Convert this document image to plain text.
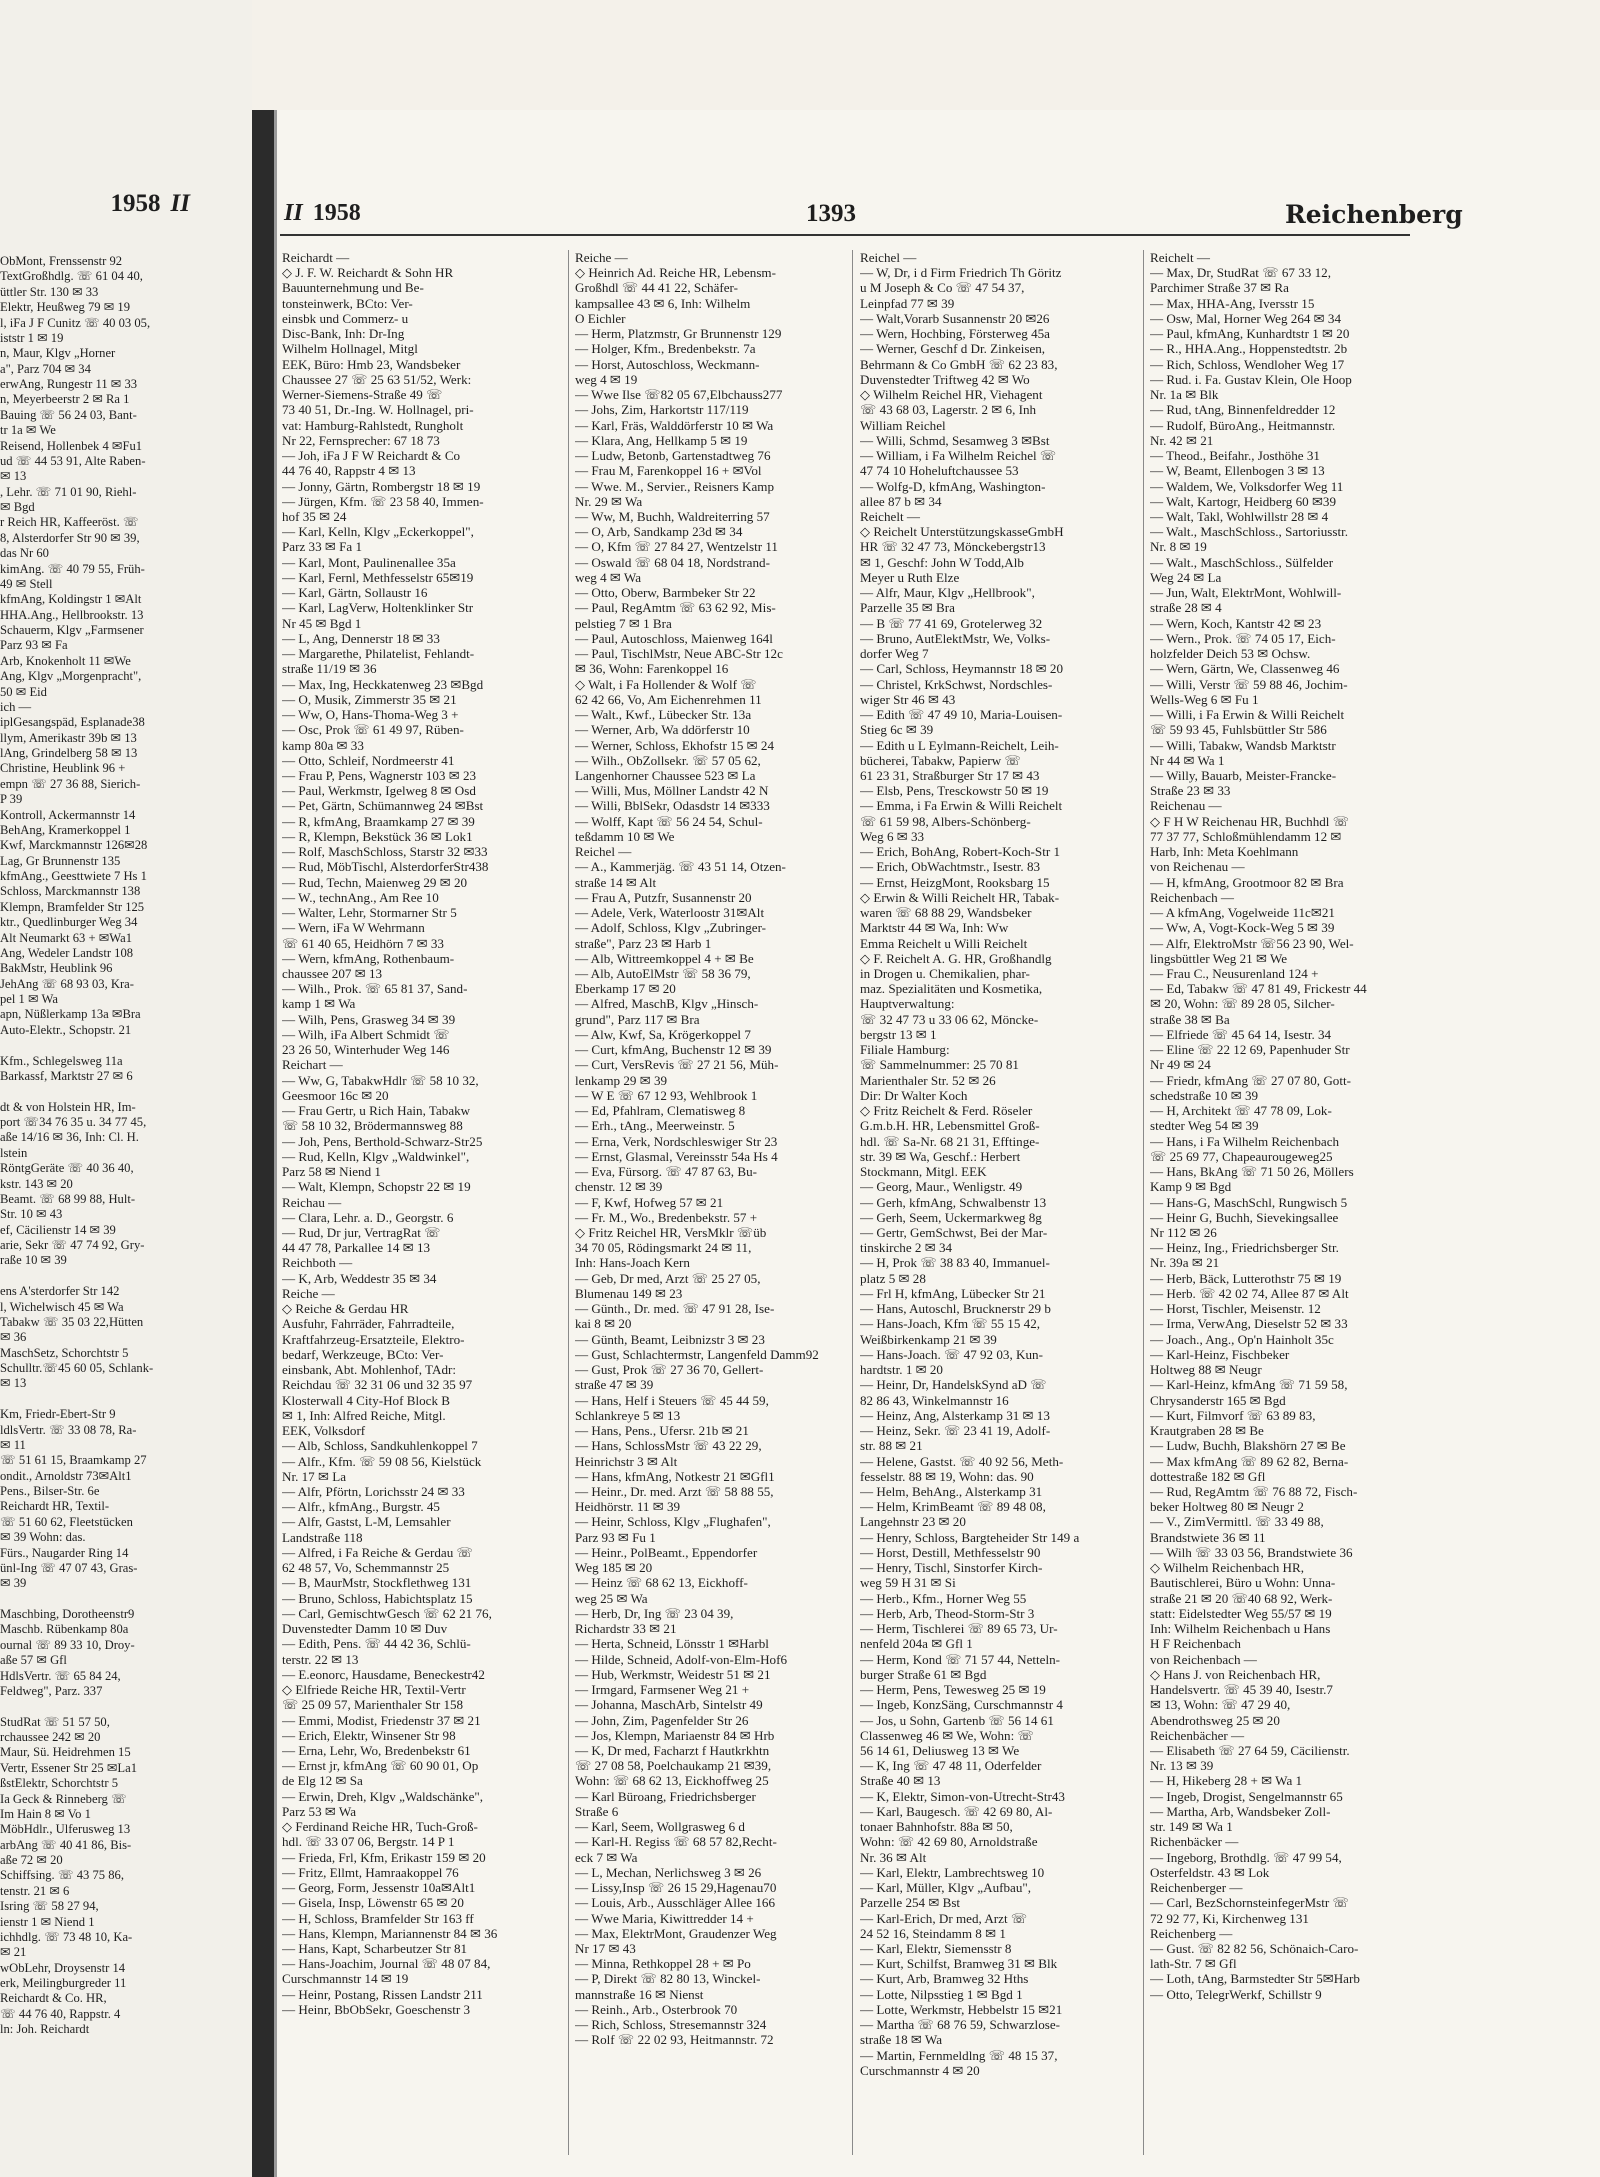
1958 II
ObMont, Frenssenstr 92
TextGroßhdlg. ☏ 61 04 40,
üttler Str. 130 ✉ 33
Elektr, Heußweg 79 ✉ 19
l, iFa J F Cunitz ☏ 40 03 05,
iststr 1 ✉ 19
n, Maur, Klgv „Horner
a", Parz 704 ✉ 34
erwAng, Rungestr 11 ✉ 33
n, Meyerbeerstr 2 ✉ Ra 1
Bauing ☏ 56 24 03, Bant-
tr 1a ✉ We
Reisend, Hollenbek 4 ✉Fu1
ud ☏ 44 53 91, Alte Raben-
✉ 13
, Lehr. ☏ 71 01 90, Riehl-
✉ Bgd
r Reich HR, Kaffeeröst. ☏
8, Alsterdorfer Str 90 ✉ 39,
das Nr 60
kimAng. ☏ 40 79 55, Früh-
49 ✉ Stell
kfmAng, Koldingstr 1 ✉Alt
HHA.Ang., Hellbrookstr. 13
Schauerm, Klgv „Farmsener
Parz 93 ✉ Fa
Arb, Knokenholt 11 ✉We
Ang, Klgv „Morgenpracht",
50 ✉ Eid
ich —
iplGesangspäd, Esplanade38
llym, Amerikastr 39b ✉ 13
lAng, Grindelberg 58 ✉ 13
Christine, Heublink 96 +
empn ☏ 27 36 88, Sierich-
P 39
Kontroll, Ackermannstr 14
BehAng, Kramerkoppel 1
Kwf, Marckmannstr 126✉28
Lag, Gr Brunnenstr 135
kfmAng., Geesttwiete 7 Hs 1
Schloss, Marckmannstr 138
Klempn, Bramfelder Str 125
ktr., Quedlinburger Weg 34
Alt Neumarkt 63 + ✉Wa1
Ang, Wedeler Landstr 108
BakMstr, Heublink 96
JehAng ☏ 68 93 03, Kra-
pel 1 ✉ Wa
apn, Nüßlerkamp 13a ✉Bra
Auto-Elektr., Schopstr. 21
Kfm., Schlegelsweg 11a
Barkassf, Marktstr 27 ✉ 6
dt & von Holstein HR, Im-
port ☏34 76 35 u. 34 77 45,
aße 14/16 ✉ 36, Inh: Cl. H.
lstein
RöntgGeräte ☏ 40 36 40,
kstr. 143 ✉ 20
Beamt. ☏ 68 99 88, Hult-
Str. 10 ✉ 43
ef, Cäcilienstr 14 ✉ 39
arie, Sekr ☏ 47 74 92, Gry-
raße 10 ✉ 39
ens A'sterdorfer Str 142
l, Wichelwisch 45 ✉ Wa
Tabakw ☏ 35 03 22,Hütten
✉ 36
MaschSetz, Schorchtstr 5
Schulltr.☏45 60 05, Schlank-
✉ 13
Km, Friedr-Ebert-Str 9
ldlsVertr. ☏ 33 08 78, Ra-
✉ 11
☏ 51 61 15, Braamkamp 27
ondit., Arnoldstr 73✉Alt1
Pens., Bilser-Str. 6e
Reichardt HR, Textil-
☏ 51 60 62, Fleetstücken
✉ 39 Wohn: das.
Fürs., Naugarder Ring 14
ünl-Ing ☏ 47 07 43, Gras-
✉ 39
Maschbing, Dorotheenstr9
Maschb. Rübenkamp 80a
ournal ☏ 89 33 10, Droy-
aße 57 ✉ Gfl
HdlsVertr. ☏ 65 84 24,
Feldweg", Parz. 337
StudRat ☏ 51 57 50,
rchaussee 242 ✉ 20
Maur, Sü. Heidrehmen 15
Vertr, Essener Str 25 ✉La1
ßstElektr, Schorchtstr 5
Ia Geck & Rinneberg ☏
Im Hain 8 ✉ Vo 1
MöbHdlr., Ulferusweg 13
arbAng ☏ 40 41 86, Bis-
aße 72 ✉ 20
Schiffsing. ☏ 43 75 86,
tenstr. 21 ✉ 6
Isring ☏ 58 27 94,
ienstr 1 ✉ Niend 1
ichhdlg. ☏ 73 48 10, Ka-
✉ 21
wObLehr, Droysenstr 14
erk, Meilingburgreder 11
Reichardt & Co. HR,
☏ 44 76 40, Rappstr. 4
ln: Joh. Reichardt
II 1958	1393	Reichenberg
Reichardt —
◇ J. F. W. Reichardt & Sohn HR
Bauunternehmung und Be-
tonsteinwerk, BCto: Ver-
einsbk und Commerz- u
Disc-Bank, Inh: Dr-Ing
Wilhelm Hollnagel, Mitgl
EEK, Büro: Hmb 23, Wandsbeker
Chaussee 27 ☏ 25 63 51/52, Werk:
Werner-Siemens-Straße 49 ☏
73 40 51, Dr.-Ing. W. Hollnagel, pri-
vat: Hamburg-Rahlstedt, Rungholt
Nr 22, Fernsprecher: 67 18 73
— Joh, iFa J F W Reichardt & Co
44 76 40, Rappstr 4 ✉ 13
— Jonny, Gärtn, Rombergstr 18 ✉ 19
— Jürgen, Kfm. ☏ 23 58 40, Immen-
hof 35 ✉ 24
— Karl, Kelln, Klgv „Eckerkoppel",
Parz 33 ✉ Fa 1
— Karl, Mont, Paulinenallee 35a
— Karl, Fernl, Methfesselstr 65✉19
— Karl, Gärtn, Sollaustr 16
— Karl, LagVerw, Holtenklinker Str
Nr 45 ✉ Bgd 1
— L, Ang, Dennerstr 18 ✉ 33
— Margarethe, Philatelist, Fehlandt-
straße 11/19 ✉ 36
— Max, Ing, Heckkatenweg 23 ✉Bgd
— O, Musik, Zimmerstr 35 ✉ 21
— Ww, O, Hans-Thoma-Weg 3 +
— Osc, Prok ☏ 61 49 97, Rüben-
kamp 80a ✉ 33
— Otto, Schleif, Nordmeerstr 41
— Frau P, Pens, Wagnerstr 103 ✉ 23
— Paul, Werkmstr, Igelweg 8 ✉ Osd
— Pet, Gärtn, Schümannweg 24 ✉Bst
— R, kfmAng, Braamkamp 27 ✉ 39
— R, Klempn, Bekstück 36 ✉ Lok1
— Rolf, MaschSchloss, Starstr 32 ✉33
— Rud, MöbTischl, AlsterdorferStr438
— Rud, Techn, Maienweg 29 ✉ 20
— W., technAng., Am Ree 10
— Walter, Lehr, Stormarner Str 5
— Wern, iFa W Wehrmann
☏ 61 40 65, Heidhörn 7 ✉ 33
— Wern, kfmAng, Rothenbaum-
chaussee 207 ✉ 13
— Wilh., Prok. ☏ 65 81 37, Sand-
kamp 1 ✉ Wa
— Wilh, Pens, Grasweg 34 ✉ 39
— Wilh, iFa Albert Schmidt ☏
23 26 50, Winterhuder Weg 146
Reichart —
— Ww, G, TabakwHdlr ☏ 58 10 32,
Geesmoor 16c ✉ 20
— Frau Gertr, u Rich Hain, Tabakw
☏ 58 10 32, Brödermannsweg 88
— Joh, Pens, Berthold-Schwarz-Str25
— Rud, Kelln, Klgv „Waldwinkel",
Parz 58 ✉ Niend 1
— Walt, Klempn, Schopstr 22 ✉ 19
Reichau —
— Clara, Lehr. a. D., Georgstr. 6
— Rud, Dr jur, VertragRat ☏
44 47 78, Parkallee 14 ✉ 13
Reichboth —
— K, Arb, Weddestr 35 ✉ 34
Reiche —
◇ Reiche & Gerdau HR
Ausfuhr, Fahrräder, Fahrradteile,
Kraftfahrzeug-Ersatzteile, Elektro-
bedarf, Werkzeuge, BCto: Ver-
einsbank, Abt. Mohlenhof, TAdr:
Reichdau ☏ 32 31 06 und 32 35 97
Klosterwall 4 City-Hof Block B
✉ 1, Inh: Alfred Reiche, Mitgl.
EEK, Volksdorf
— Alb, Schloss, Sandkuhlenkoppel 7
— Alfr., Kfm. ☏ 59 08 56, Kielstück
Nr. 17 ✉ La
— Alfr, Pförtn, Lorichsstr 24 ✉ 33
— Alfr., kfmAng., Burgstr. 45
— Alfr, Gastst, L-M, Lemsahler
Landstraße 118
— Alfred, i Fa Reiche & Gerdau ☏
62 48 57, Vo, Schemmannstr 25
— B, MaurMstr, Stockflethweg 131
— Bruno, Schloss, Habichtsplatz 15
— Carl, GemischtwGesch ☏ 62 21 76,
Duvenstedter Damm 10 ✉ Duv
— Edith, Pens. ☏ 44 42 36, Schlü-
terstr. 22 ✉ 13
— E.eonorc, Hausdame, Beneckestr42
◇ Elfriede Reiche HR, Textil-Vertr
☏ 25 09 57, Marienthaler Str 158
— Emmi, Modist, Friedenstr 37 ✉ 21
— Erich, Elektr, Winsener Str 98
— Erna, Lehr, Wo, Bredenbekstr 61
— Ernst jr, kfmAng ☏ 60 90 01, Op
de Elg 12 ✉ Sa
— Erwin, Dreh, Klgv „Waldschänke",
Parz 53 ✉ Wa
◇ Ferdinand Reiche HR, Tuch-Groß-
hdl. ☏ 33 07 06, Bergstr. 14 P 1
— Frieda, Frl, Kfm, Erikastr 159 ✉ 20
— Fritz, Ellmt, Hamraakoppel 76
— Georg, Form, Jessenstr 10a✉Alt1
— Gisela, Insp, Löwenstr 65 ✉ 20
— H, Schloss, Bramfelder Str 163 ff
— Hans, Klempn, Mariannenstr 84 ✉ 36
— Hans, Kapt, Scharbeutzer Str 81
— Hans-Joachim, Journal ☏ 48 07 84,
Curschmannstr 14 ✉ 19
— Heinr, Postang, Rissen Landstr 211
— Heinr, BbObSekr, Goeschenstr 3
Reiche —
◇ Heinrich Ad. Reiche HR, Lebensm-
Großhdl ☏ 44 41 22, Schäfer-
kampsallee 43 ✉ 6, Inh: Wilhelm
O Eichler
— Herm, Platzmstr, Gr Brunnenstr 129
— Holger, Kfm., Bredenbekstr. 7a
— Horst, Autoschloss, Weckmann-
weg 4 ✉ 19
— Wwe Ilse ☏82 05 67,Elbchauss277
— Johs, Zim, Harkortstr 117/119
— Karl, Fräs, Walddörferstr 10 ✉ Wa
— Klara, Ang, Hellkamp 5 ✉ 19
— Ludw, Betonb, Gartenstadtweg 76
— Frau M, Farenkoppel 16 + ✉Vol
— Wwe. M., Servier., Reisners Kamp
Nr. 29 ✉ Wa
— Ww, M, Buchh, Waldreiterring 57
— O, Arb, Sandkamp 23d ✉ 34
— O, Kfm ☏ 27 84 27, Wentzelstr 11
— Oswald ☏ 68 04 18, Nordstrand-
weg 4 ✉ Wa
— Otto, Oberw, Barmbeker Str 22
— Paul, RegAmtm ☏ 63 62 92, Mis-
pelstieg 7 ✉ 1 Bra
— Paul, Autoschloss, Maienweg 164l
— Paul, TischlMstr, Neue ABC-Str 12c
✉ 36, Wohn: Farenkoppel 16
◇ Walt, i Fa Hollender & Wolf ☏
62 42 66, Vo, Am Eichenrehmen 11
— Walt., Kwf., Lübecker Str. 13a
— Werner, Arb, Wa ddörferstr 10
— Werner, Schloss, Ekhofstr 15 ✉ 24
— Wilh., ObZollsekr. ☏ 57 05 62,
Langenhorner Chaussee 523 ✉ La
— Willi, Mus, Möllner Landstr 42 N
— Willi, BblSekr, Odasdstr 14 ✉333
— Wolff, Kapt ☏ 56 24 54, Schul-
teßdamm 10 ✉ We
Reichel —
— A., Kammerjäg. ☏ 43 51 14, Otzen-
straße 14 ✉ Alt
— Frau A, Putzfr, Susannenstr 20
— Adele, Verk, Waterloostr 31✉Alt
— Adolf, Schloss, Klgv „Zubringer-
straße", Parz 23 ✉ Harb 1
— Alb, Wittreemkoppel 4 + ✉ Be
— Alb, AutoElMstr ☏ 58 36 79,
Eberkamp 17 ✉ 20
— Alfred, MaschB, Klgv „Hinsch-
grund", Parz 117 ✉ Bra
— Alw, Kwf, Sa, Krögerkoppel 7
— Curt, kfmAng, Buchenstr 12 ✉ 39
— Curt, VersRevis ☏ 27 21 56, Müh-
lenkamp 29 ✉ 39
— W E ☏ 67 12 93, Wehlbrook 1
— Ed, Pfahlram, Clematisweg 8
— Erh., tAng., Meerweinstr. 5
— Erna, Verk, Nordschleswiger Str 23
— Ernst, Glasmal, Vereinsstr 54a Hs 4
— Eva, Fürsorg. ☏ 47 87 63, Bu-
chenstr. 12 ✉ 39
— F, Kwf, Hofweg 57 ✉ 21
— Fr. M., Wo., Bredenbekstr. 57 +
◇ Fritz Reichel HR, VersMklr ☏üb
34 70 05, Rödingsmarkt 24 ✉ 11,
Inh: Hans-Joach Kern
— Geb, Dr med, Arzt ☏ 25 27 05,
Blumenau 149 ✉ 23
— Günth., Dr. med. ☏ 47 91 28, Ise-
kai 8 ✉ 20
— Günth, Beamt, Leibnizstr 3 ✉ 23
— Gust, Schlachtermstr, Langenfeld Damm92
— Gust, Prok ☏ 27 36 70, Gellert-
straße 47 ✉ 39
— Hans, Helf i Steuers ☏ 45 44 59,
Schlankreye 5 ✉ 13
— Hans, Pens., Ufersr. 21b ✉ 21
— Hans, SchlossMstr ☏ 43 22 29,
Heinrichstr 3 ✉ Alt
— Hans, kfmAng, Notkestr 21 ✉Gfl1
— Heinr., Dr. med. Arzt ☏ 58 88 55,
Heidhörstr. 11 ✉ 39
— Heinr, Schloss, Klgv „Flughafen",
Parz 93 ✉ Fu 1
— Heinr., PolBeamt., Eppendorfer
Weg 185 ✉ 20
— Heinz ☏ 68 62 13, Eickhoff-
weg 25 ✉ Wa
— Herb, Dr, Ing ☏ 23 04 39,
Richardstr 33 ✉ 21
— Herta, Schneid, Lönsstr 1 ✉Harbl
— Hilde, Schneid, Adolf-von-Elm-Hof6
— Hub, Werkmstr, Weidestr 51 ✉ 21
— Irmgard, Farmsener Weg 21 +
— Johanna, MaschArb, Sintelstr 49
— John, Zim, Pagenfelder Str 26
— Jos, Klempn, Mariaenstr 84 ✉ Hrb
— K, Dr med, Facharzt f Hautkrkhtn
☏ 27 08 58, Poelchaukamp 21 ✉39,
Wohn: ☏ 68 62 13, Eickhoffweg 25
— Karl Büroang, Friedrichsberger
Straße 6
— Karl, Seem, Wollgrasweg 6 d
— Karl-H. Regiss ☏ 68 57 82,Recht-
eck 7 ✉ Wa
— L, Mechan, Nerlichsweg 3 ✉ 26
— Lissy,Insp ☏ 26 15 29,Hagenau70
— Louis, Arb., Ausschläger Allee 166
— Wwe Maria, Kiwittredder 14 +
— Max, ElektrMont, Graudenzer Weg
Nr 17 ✉ 43
— Minna, Rethkoppel 28 + ✉ Po
— P, Direkt ☏ 82 80 13, Winckel-
mannstraße 16 ✉ Nienst
— Reinh., Arb., Osterbrook 70
— Rich, Schloss, Stresemannstr 324
— Rolf ☏ 22 02 93, Heitmannstr. 72
Reichel —
— W, Dr, i d Firm Friedrich Th Göritz
u M Joseph & Co ☏ 47 54 37,
Leinpfad 77 ✉ 39
— Walt,Vorarb Susannenstr 20 ✉26
— Wern, Hochbing, Försterweg 45a
— Werner, Geschf d Dr. Zinkeisen,
Behrmann & Co GmbH ☏ 62 23 83,
Duvenstedter Triftweg 42 ✉ Wo
◇ Wilhelm Reichel HR, Viehagent
☏ 43 68 03, Lagerstr. 2 ✉ 6, Inh
William Reichel
— Willi, Schmd, Sesamweg 3 ✉Bst
— William, i Fa Wilhelm Reichel ☏
47 74 10 Hoheluftchaussee 53
— Wolfg-D, kfmAng, Washington-
allee 87 b ✉ 34
Reichelt —
◇ Reichelt UnterstützungskasseGmbH
HR ☏ 32 47 73, Mönckebergstr13
✉ 1, Geschf: John W Todd,Alb
Meyer u Ruth Elze
— Alfr, Maur, Klgv „Hellbrook",
Parzelle 35 ✉ Bra
— B ☏ 77 41 69, Grotelerweg 32
— Bruno, AutElektMstr, We, Volks-
dorfer Weg 7
— Carl, Schloss, Heymannstr 18 ✉ 20
— Christel, KrkSchwst, Nordschles-
wiger Str 46 ✉ 43
— Edith ☏ 47 49 10, Maria-Louisen-
Stieg 6c ✉ 39
— Edith u L Eylmann-Reichelt, Leih-
bücherei, Tabakw, Papierw ☏
61 23 31, Straßburger Str 17 ✉ 43
— Elsb, Pens, Tresckowstr 50 ✉ 19
— Emma, i Fa Erwin & Willi Reichelt
☏ 61 59 98, Albers-Schönberg-
Weg 6 ✉ 33
— Erich, BohAng, Robert-Koch-Str 1
— Erich, ObWachtmstr., Isestr. 83
— Ernst, HeizgMont, Rooksbarg 15
◇ Erwin & Willi Reichelt HR, Tabak-
waren ☏ 68 88 29, Wandsbeker
Marktstr 44 ✉ Wa, Inh: Ww
Emma Reichelt u Willi Reichelt
◇ F. Reichelt A. G. HR, Großhandlg
in Drogen u. Chemikalien, phar-
maz. Spezialitäten und Kosmetika,
Hauptverwaltung:
☏ 32 47 73 u 33 06 62, Möncke-
bergstr 13 ✉ 1
Filiale Hamburg:
☏ Sammelnummer: 25 70 81
Marienthaler Str. 52 ✉ 26
Dir: Dr Walter Koch
◇ Fritz Reichelt & Ferd. Röseler
G.m.b.H. HR, Lebensmittel Groß-
hdl. ☏ Sa-Nr. 68 21 31, Efftinge-
str. 39 ✉ Wa, Geschf.: Herbert
Stockmann, Mitgl. EEK
— Georg, Maur., Wenligstr. 49
— Gerh, kfmAng, Schwalbenstr 13
— Gerh, Seem, Uckermarkweg 8g
— Gertr, GemSchwst, Bei der Mar-
tinskirche 2 ✉ 34
— H, Prok ☏ 38 83 40, Immanuel-
platz 5 ✉ 28
— Frl H, kfmAng, Lübecker Str 21
— Hans, Autoschl, Brucknerstr 29 b
— Hans-Joach, Kfm ☏ 55 15 42,
Weißbirkenkamp 21 ✉ 39
— Hans-Joach. ☏ 47 92 03, Kun-
hardtstr. 1 ✉ 20
— Heinr, Dr, HandelskSynd aD ☏
82 86 43, Winkelmannstr 16
— Heinz, Ang, Alsterkamp 31 ✉ 13
— Heinz, Sekr. ☏ 23 41 19, Adolf-
str. 88 ✉ 21
— Helene, Gastst. ☏ 40 92 56, Meth-
fesselstr. 88 ✉ 19, Wohn: das. 90
— Helm, BehAng., Alsterkamp 31
— Helm, KrimBeamt ☏ 89 48 08,
Langehnstr 23 ✉ 20
— Henry, Schloss, Bargteheider Str 149 a
— Horst, Destill, Methfesselstr 90
— Henry, Tischl, Sinstorfer Kirch-
weg 59 H 31 ✉ Si
— Herb., Kfm., Horner Weg 55
— Herb, Arb, Theod-Storm-Str 3
— Herm, Tischlerei ☏ 89 65 73, Ur-
nenfeld 204a ✉ Gfl 1
— Herm, Kond ☏ 71 57 44, Netteln-
burger Straße 61 ✉ Bgd
— Herm, Pens, Tewesweg 25 ✉ 19
— Ingeb, KonzSäng, Curschmannstr 4
— Jos, u Sohn, Gartenb ☏ 56 14 61
Classenweg 46 ✉ We, Wohn: ☏
56 14 61, Deliusweg 13 ✉ We
— K, Ing ☏ 47 48 11, Oderfelder
Straße 40 ✉ 13
— K, Elektr, Simon-von-Utrecht-Str43
— Karl, Baugesch. ☏ 42 69 80, Al-
tonaer Bahnhofstr. 88a ✉ 50,
Wohn: ☏ 42 69 80, Arnoldstraße
Nr. 36 ✉ Alt
— Karl, Elektr, Lambrechtsweg 10
— Karl, Müller, Klgv „Aufbau",
Parzelle 254 ✉ Bst
— Karl-Erich, Dr med, Arzt ☏
24 52 16, Steindamm 8 ✉ 1
— Karl, Elektr, Siemensstr 8
— Kurt, Schilfst, Bramweg 31 ✉ Blk
— Kurt, Arb, Bramweg 32 Hths
— Lotte, Nilpsstieg 1 ✉ Bgd 1
— Lotte, Werkmstr, Hebbelstr 15 ✉21
— Martha ☏ 68 76 59, Schwarzlose-
straße 18 ✉ Wa
— Martin, Fernmeldlng ☏ 48 15 37,
Curschmannstr 4 ✉ 20
Reichelt —
— Max, Dr, StudRat ☏ 67 33 12,
Parchimer Straße 37 ✉ Ra
— Max, HHA-Ang, Iversstr 15
— Osw, Mal, Horner Weg 264 ✉ 34
— Paul, kfmAng, Kunhardtstr 1 ✉ 20
— R., HHA.Ang., Hoppenstedtstr. 2b
— Rich, Schloss, Wendloher Weg 17
— Rud. i. Fa. Gustav Klein, Ole Hoop
Nr. 1a ✉ Blk
— Rud, tAng, Binnenfeldredder 12
— Rudolf, BüroAng., Heitmannstr.
Nr. 42 ✉ 21
— Theod., Beifahr., Josthöhe 31
— W, Beamt, Ellenbogen 3 ✉ 13
— Waldem, We, Volksdorfer Weg 11
— Walt, Kartogr, Heidberg 60 ✉39
— Walt, Takl, Wohlwillstr 28 ✉ 4
— Walt., MaschSchloss., Sartoriusstr.
Nr. 8 ✉ 19
— Walt., MaschSchloss., Sülfelder
Weg 24 ✉ La
— Jun, Walt, ElektrMont, Wohlwill-
straße 28 ✉ 4
— Wern, Koch, Kantstr 42 ✉ 23
— Wern., Prok. ☏ 74 05 17, Eich-
holzfelder Deich 53 ✉ Ochsw.
— Wern, Gärtn, We, Classenweg 46
— Willi, Verstr ☏ 59 88 46, Jochim-
Wells-Weg 6 ✉ Fu 1
— Willi, i Fa Erwin & Willi Reichelt
☏ 59 93 45, Fuhlsbüttler Str 586
— Willi, Tabakw, Wandsb Marktstr
Nr 44 ✉ Wa 1
— Willy, Bauarb, Meister-Francke-
Straße 23 ✉ 33
Reichenau —
◇ F H W Reichenau HR, Buchhdl ☏
77 37 77, Schloßmühlendamm 12 ✉
Harb, Inh: Meta Koehlmann
von Reichenau —
— H, kfmAng, Grootmoor 82 ✉ Bra
Reichenbach —
— A kfmAng, Vogelweide 11c✉21
— Ww, A, Vogt-Kock-Weg 5 ✉ 39
— Alfr, ElektroMstr ☏56 23 90, Wel-
lingsbüttler Weg 21 ✉ We
— Frau C., Neusurenland 124 +
— Ed, Tabakw ☏ 47 81 49, Frickestr 44
✉ 20, Wohn: ☏ 89 28 05, Silcher-
straße 38 ✉ Ba
— Elfriede ☏ 45 64 14, Isestr. 34
— Eline ☏ 22 12 69, Papenhuder Str
Nr 49 ✉ 24
— Friedr, kfmAng ☏ 27 07 80, Gott-
schedstraße 10 ✉ 39
— H, Architekt ☏ 47 78 09, Lok-
stedter Weg 54 ✉ 39
— Hans, i Fa Wilhelm Reichenbach
☏ 25 69 77, Chapeaurougeweg25
— Hans, BkAng ☏ 71 50 26, Möllers
Kamp 9 ✉ Bgd
— Hans-G, MaschSchl, Rungwisch 5
— Heinr G, Buchh, Sievekingsallee
Nr 112 ✉ 26
— Heinz, Ing., Friedrichsberger Str.
Nr. 39a ✉ 21
— Herb, Bäck, Lutterothstr 75 ✉ 19
— Herb. ☏ 42 02 74, Allee 87 ✉ Alt
— Horst, Tischler, Meisenstr. 12
— Irma, VerwAng, Dieselstr 52 ✉ 33
— Joach., Ang., Op'n Hainholt 35c
— Karl-Heinz, Fischbeker
Holtweg 88 ✉ Neugr
— Karl-Heinz, kfmAng ☏ 71 59 58,
Chrysanderstr 165 ✉ Bgd
— Kurt, Filmvorf ☏ 63 89 83,
Krautgraben 28 ✉ Be
— Ludw, Buchh, Blakshörn 27 ✉ Be
— Max kfmAng ☏ 89 62 82, Berna-
dottestraße 182 ✉ Gfl
— Rud, RegAmtm ☏ 76 88 72, Fisch-
beker Holtweg 80 ✉ Neugr 2
— V., ZimVermittl. ☏ 33 49 88,
Brandstwiete 36 ✉ 11
— Wilh ☏ 33 03 56, Brandstwiete 36
◇ Wilhelm Reichenbach HR,
Bautischlerei, Büro u Wohn: Unna-
straße 21 ✉ 20 ☏40 68 92, Werk-
statt: Eidelstedter Weg 55/57 ✉ 19
Inh: Wilhelm Reichenbach u Hans
H F Reichenbach
von Reichenbach —
◇ Hans J. von Reichenbach HR,
Handelsvertr. ☏ 45 39 40, Isestr.7
✉ 13, Wohn: ☏ 47 29 40,
Abendrothsweg 25 ✉ 20
Reichenbächer —
— Elisabeth ☏ 27 64 59, Cäcilienstr.
Nr. 13 ✉ 39
— H, Hikeberg 28 + ✉ Wa 1
— Ingeb, Drogist, Sengelmannstr 65
— Martha, Arb, Wandsbeker Zoll-
str. 149 ✉ Wa 1
Richenbäcker —
— Ingeborg, Brothdlg. ☏ 47 99 54,
Osterfeldstr. 43 ✉ Lok
Reichenberger —
— Carl, BezSchornsteinfegerMstr ☏
72 92 77, Ki, Kirchenweg 131
Reichenberg —
— Gust. ☏ 82 82 56, Schönaich-Caro-
lath-Str. 7 ✉ Gfl
— Loth, tAng, Barmstedter Str 5✉Harb
— Otto, TelegrWerkf, Schillstr 9
